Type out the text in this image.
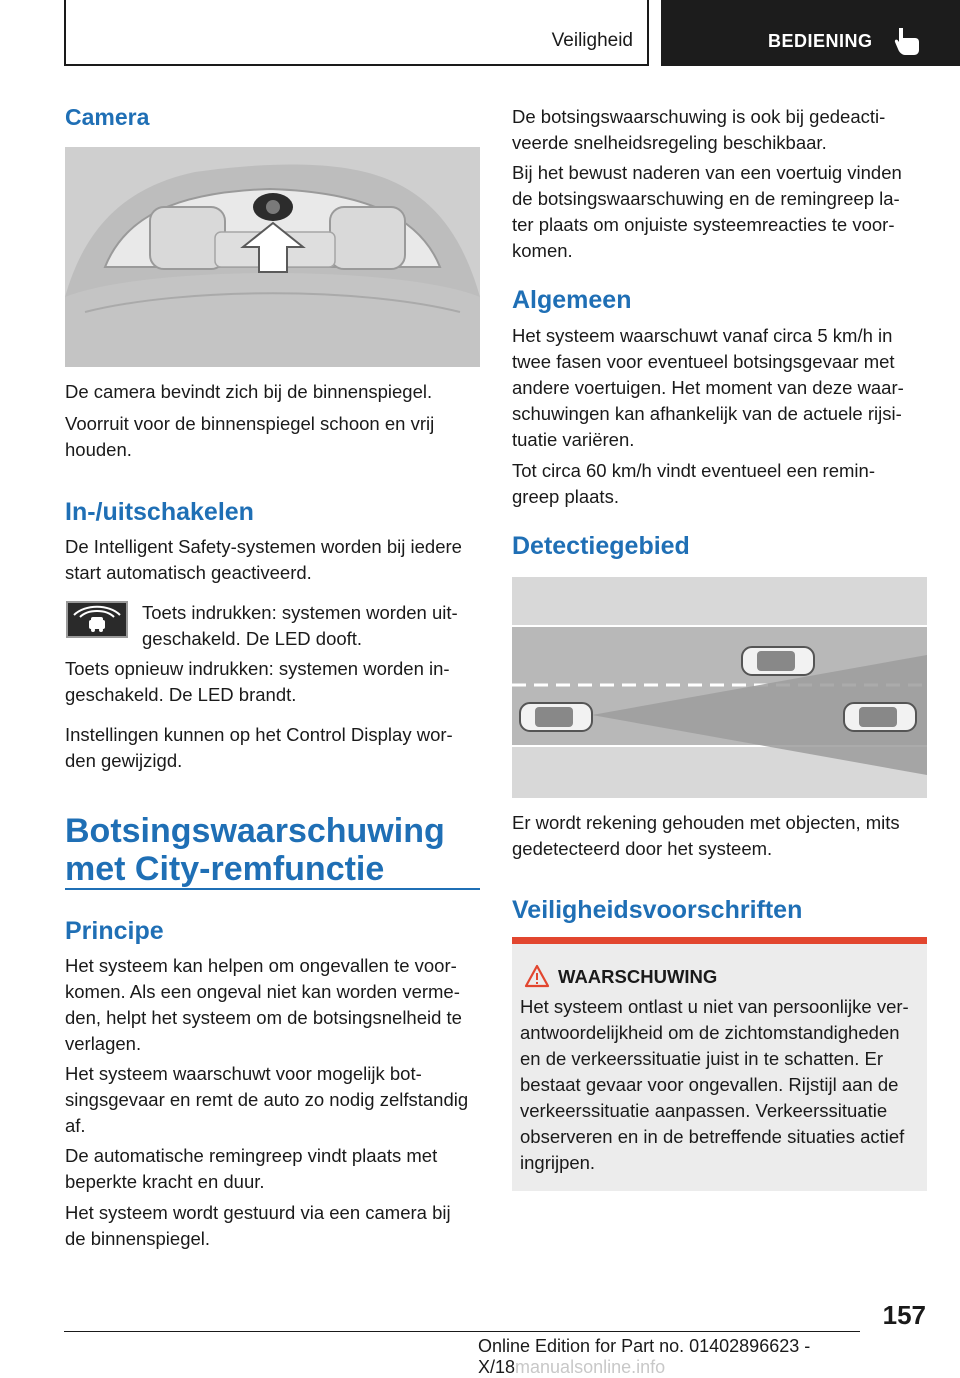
Veiligheid	BEDIENING
Camera
De camera bevindt zich bij de binnenspiegel.
Voorruit voor de binnenspiegel schoon en vrij
houden.
In-/uitschakelen
De Intelligent Safety-systemen worden bij iedere
start automatisch geactiveerd.
Toets indrukken: systemen worden uit-
geschakeld. De LED dooft.
Toets opnieuw indrukken: systemen worden in-
geschakeld. De LED brandt.
Instellingen kunnen op het Control Display wor-
den gewijzigd.
Botsingswaarschuwing
met City-remfunctie
Principe
Het systeem kan helpen om ongevallen te voor-
komen. Als een ongeval niet kan worden verme-
den, helpt het systeem om de botsingsnelheid te
verlagen.
Het systeem waarschuwt voor mogelijk bot-
singsgevaar en remt de auto zo nodig zelfstandig
af.
De automatische remingreep vindt plaats met
beperkte kracht en duur.
Het systeem wordt gestuurd via een camera bij
de binnenspiegel.
De botsingswaarschuwing is ook bij gedeacti-
veerde snelheidsregeling beschikbaar.
Bij het bewust naderen van een voertuig vinden
de botsingswaarschuwing en de remingreep la-
ter plaats om onjuiste systeemreacties te voor-
komen.
Algemeen
Het systeem waarschuwt vanaf circa 5 km/h in
twee fasen voor eventueel botsingsgevaar met
andere voertuigen. Het moment van deze waar-
schuwingen kan afhankelijk van de actuele rijsi-
tuatie variëren.
Tot circa 60 km/h vindt eventueel een remin-
greep plaats.
Detectiegebied
Er wordt rekening gehouden met objecten, mits
gedetecteerd door het systeem.
Veiligheidsvoorschriften
WAARSCHUWING
Het systeem ontlast u niet van persoonlijke ver-
antwoordelijkheid om de zichtomstandigheden
en de verkeerssituatie juist in te schatten. Er
bestaat gevaar voor ongevallen. Rijstijl aan de
verkeerssituatie aanpassen. Verkeerssituatie
observeren en in de betreffende situaties actief
ingrijpen.
157
Online Edition for Part no. 01402896623 - X/18manualsonline.info
